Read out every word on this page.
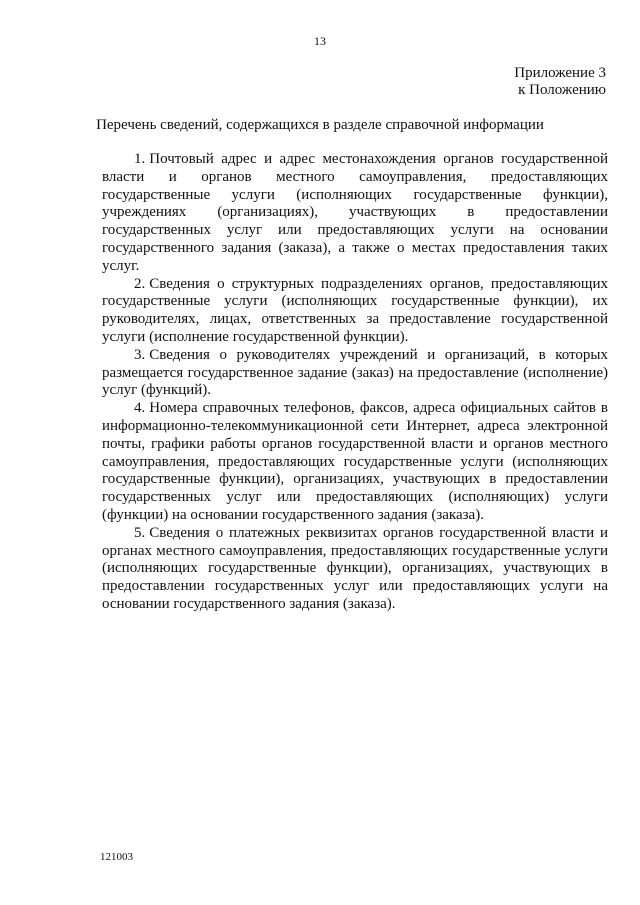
13
Приложение 3
к Положению
Перечень сведений, содержащихся в разделе справочной информации

1. Почтовый адрес и адрес местонахождения органов государственной власти и органов местного самоуправления, предоставляющих государственные услуги (исполняющих государственные функции), учреждениях (организациях), участвующих в предоставлении государственных услуг или предоставляющих услуги на основании государственного задания (заказа), а также о местах предоставления таких услуг.

2. Сведения о структурных подразделениях органов, предоставляющих государственные услуги (исполняющих государственные функции), их руководителях, лицах, ответственных за предоставление государственной услуги (исполнение государственной функции).

3. Сведения о руководителях учреждений и организаций, в которых размещается государственное задание (заказ) на предоставление (исполнение) услуг (функций).

4. Номера справочных телефонов, факсов, адреса официальных сайтов в информационно-телекоммуникационной сети Интернет, адреса электронной почты, графики работы органов государственной власти и органов местного самоуправления, предоставляющих государственные услуги (исполняющих государственные функции), организациях, участвующих в предоставлении государственных услуг или предоставляющих (исполняющих) услуги (функции) на основании государственного задания (заказа).

5. Сведения о платежных реквизитах органов государственной власти и органах местного самоуправления, предоставляющих государственные услуги (исполняющих государственные функции), организациях, участвующих в предоставлении государственных услуг или предоставляющих услуги на основании государственного задания (заказа).

121003
